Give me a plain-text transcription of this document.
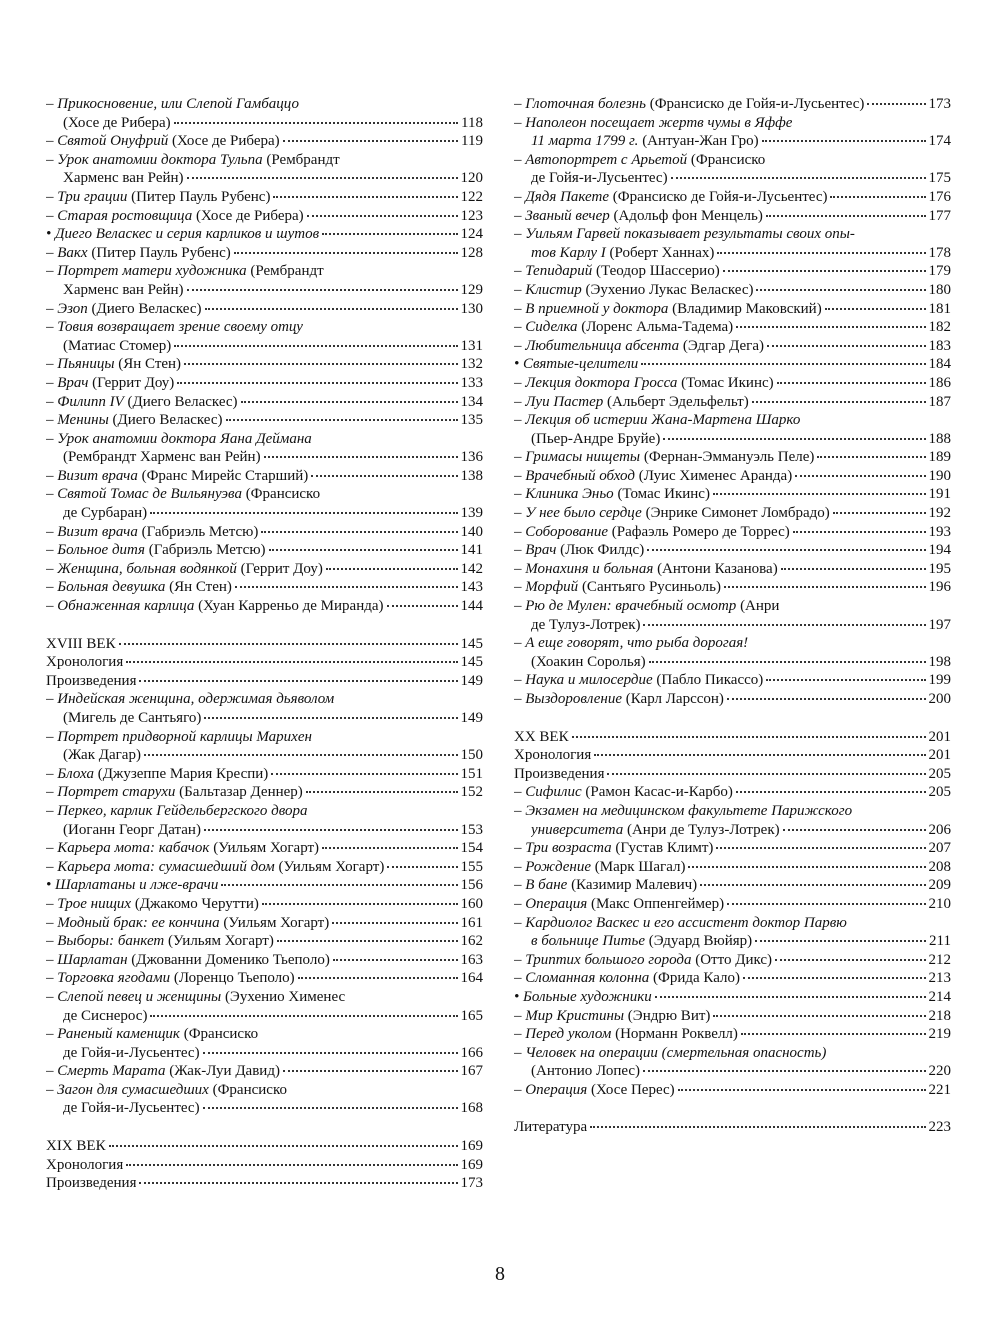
– Прикосновение, или Слепой Гамбаццо
(Хосе де Рибера)	118
– Святой Онуфрий (Хосе де Рибера)	119
– Урок анатомии доктора Тульпа (Рембрандт
Харменс ван Рейн)	120
– Три грации (Питер Пауль Рубенс)	122
– Старая ростовщица (Хосе де Рибера)	123
• Диего Веласкес и серия карликов и шутов	124
– Вакх (Питер Пауль Рубенс)	128
– Портрет матери художника (Рембрандт
Харменс ван Рейн)	129
– Эзоп (Диего Веласкес)	130
– Товия возвращает зрение своему отцу
(Матиас Стомер)	131
– Пьяницы (Ян Стен)	132
– Врач (Геррит Доу)	133
– Филипп IV (Диего Веласкес)	134
– Менины (Диего Веласкес)	135
– Урок анатомии доктора Яана Деймана
(Рембрандт Харменс ван Рейн)	136
– Визит врача (Франс Мирейс Старший)	138
– Святой Томас де Вильянуэва (Франсиско
де Сурбаран)	139
– Визит врача (Габриэль Метсю)	140
– Больное дитя (Габриэль Метсю)	141
– Женщина, больная водянкой (Геррит Доу)	142
– Больная девушка (Ян Стен)	143
– Обнаженная карлица (Хуан Карреньо де Миранда)	144
XVIII ВЕК	145
Хронология	145
Произведения	149
– Индейская женщина, одержимая дьяволом
(Мигель де Сантьяго)	149
– Портрет придворной карлицы Марихен
(Жак Дагар)	150
– Блоха (Джузеппе Мария Креспи)	151
– Портрет старухи (Бальтазар Деннер)	152
– Перкео, карлик Гейдельбергского двора
(Иоганн Георг Датан)	153
– Карьера мота: кабачок (Уильям Хогарт)	154
– Карьера мота: сумасшедший дом (Уильям Хогарт)	155
• Шарлатаны и лже-врачи	156
– Трое нищих (Джакомо Черутти)	160
– Модный брак: ее кончина (Уильям Хогарт)	161
– Выборы: банкет (Уильям Хогарт)	162
– Шарлатан (Джованни Доменико Тьеполо)	163
– Торговка ягодами (Лоренцо Тьеполо)	164
– Слепой певец и женщины (Эухенио Хименес
де Сиснерос)	165
– Раненый каменщик (Франсиско
де Гойя-и-Лусьентес)	166
– Смерть Марата (Жак-Луи Давид)	167
– Загон для сумасшедших (Франсиско
де Гойя-и-Лусьентес)	168
XIX ВЕК	169
Хронология	169
Произведения	173
– Глоточная болезнь (Франсиско де Гойя-и-Лусьентес)	173
– Наполеон посещает жертв чумы в Яффе
11 марта 1799 г. (Антуан-Жан Гро)	174
– Автопортрет с Арьетой (Франсиско
де Гойя-и-Лусьентес)	175
– Дядя Пакете (Франсиско де Гойя-и-Лусьентес)	176
– Званый вечер (Адольф фон Менцель)	177
– Уильям Гарвей показывает результаты своих опы-
тов Карлу I (Роберт Ханнах)	178
– Тепидарий (Теодор Шассерио)	179
– Клистир (Эухенио Лукас Веласкес)	180
– В приемной у доктора (Владимир Маковский)	181
– Сиделка (Лоренс Альма-Тадема)	182
– Любительница абсента (Эдгар Дега)	183
• Святые-целители	184
– Лекция доктора Гросса (Томас Икинс)	186
– Луи Пастер (Альберт Эдельфельт)	187
– Лекция об истерии Жана-Мартена Шарко
(Пьер-Андре Бруйе)	188
– Гримасы нищеты (Фернан-Эммануэль Пеле)	189
– Врачебный обход (Луис Хименес Аранда)	190
– Клиника Эньо (Томас Икинс)	191
– У нее было сердце (Энрике Симонет Ломбрадо)	192
– Соборование (Рафаэль Ромеро де Торрес)	193
– Врач (Люк Филдс)	194
– Монахиня и больная (Антони Казанова)	195
– Морфий (Сантьяго Русиньоль)	196
– Рю де Мулен: врачебный осмотр (Анри
де Тулуз-Лотрек)	197
– А еще говорят, что рыба дорогая!
(Хоакин Соролья)	198
– Наука и милосердие (Пабло Пикассо)	199
– Выздоровление (Карл Ларссон)	200
XX ВЕК	201
Хронология	201
Произведения	205
– Сифилис (Рамон Касас-и-Карбо)	205
– Экзамен на медицинском факультете Парижского
университета (Анри де Тулуз-Лотрек)	206
– Три возраста (Густав Климт)	207
– Рождение (Марк Шагал)	208
– В бане (Казимир Малевич)	209
– Операция (Макс Оппенгеймер)	210
– Кардиолог Васкес и его ассистент доктор Парвю
в больнице Питье (Эдуард Вюйяр)	211
– Триптих большого города (Отто Дикс)	212
– Сломанная колонна (Фрида Кало)	213
• Больные художники	214
– Мир Кристины (Эндрю Вит)	218
– Перед уколом (Норманн Роквелл)	219
– Человек на операции (смертельная опасность)
(Антонио Лопес)	220
– Операция (Хосе Перес)	221
Литература	223
8
